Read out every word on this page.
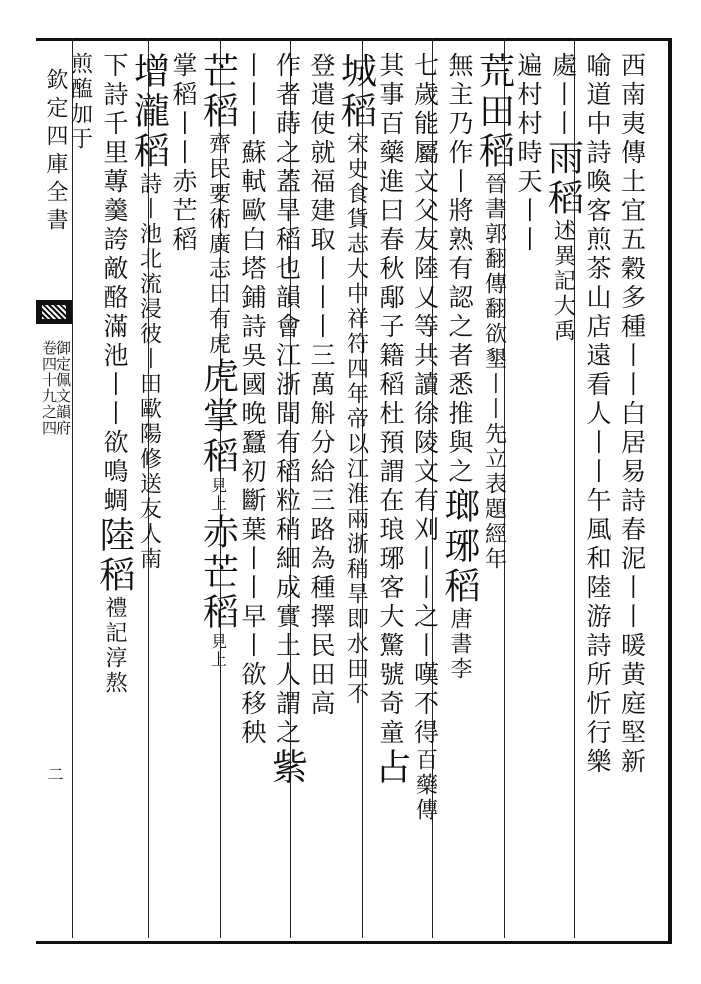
欽定四庫全書
御定佩文韻府
卷四十九之四
二	西南夷傳土宜五穀多種丨丨白居易詩春泥丨丨暖黄庭堅新
喻道中詩喚客煎茶山店遠看人丨丨午風和陸游詩所忻行樂
處丨丨雨稻述異記大禹
遍村村時天丨丨
荒田稻晉書郭翻傳翻欲墾丨丨先立表題經年
無主乃作丨將熟有認之者悉推與之瑯琊稻唐書李
七歲能屬文父友陸乂等共讀徐陵文有刈丨丨之丨嘆不得百藥傳
其事百藥進曰春秋鄅子籍稻杜預謂在琅琊客大驚號奇童占
城稻宋史食貨志大中祥符四年帝以江淮兩浙稍旱即水田不
登遣使就福建取丨丨丨三萬斛分給三路為種擇民田高
作者蒔之蓋旱稻也韻會江浙間有稻粒稍細成實土人謂之紫
丨丨丨蘇軾歐白塔鋪詩吳國晚蠶初斷葉丨丨早丨欲移秧
芒稻齊民要術廣志曰有虎虎掌稻見上赤芒稻見上
掌稻丨丨赤芒稻
增瀧稻詩丨池北流浸彼丨田歐陽修送友人南
下詩千里蓴羹誇敵酪滿池丨丨欲鳴蜩陸稻禮記淳熬
煎醢加于
